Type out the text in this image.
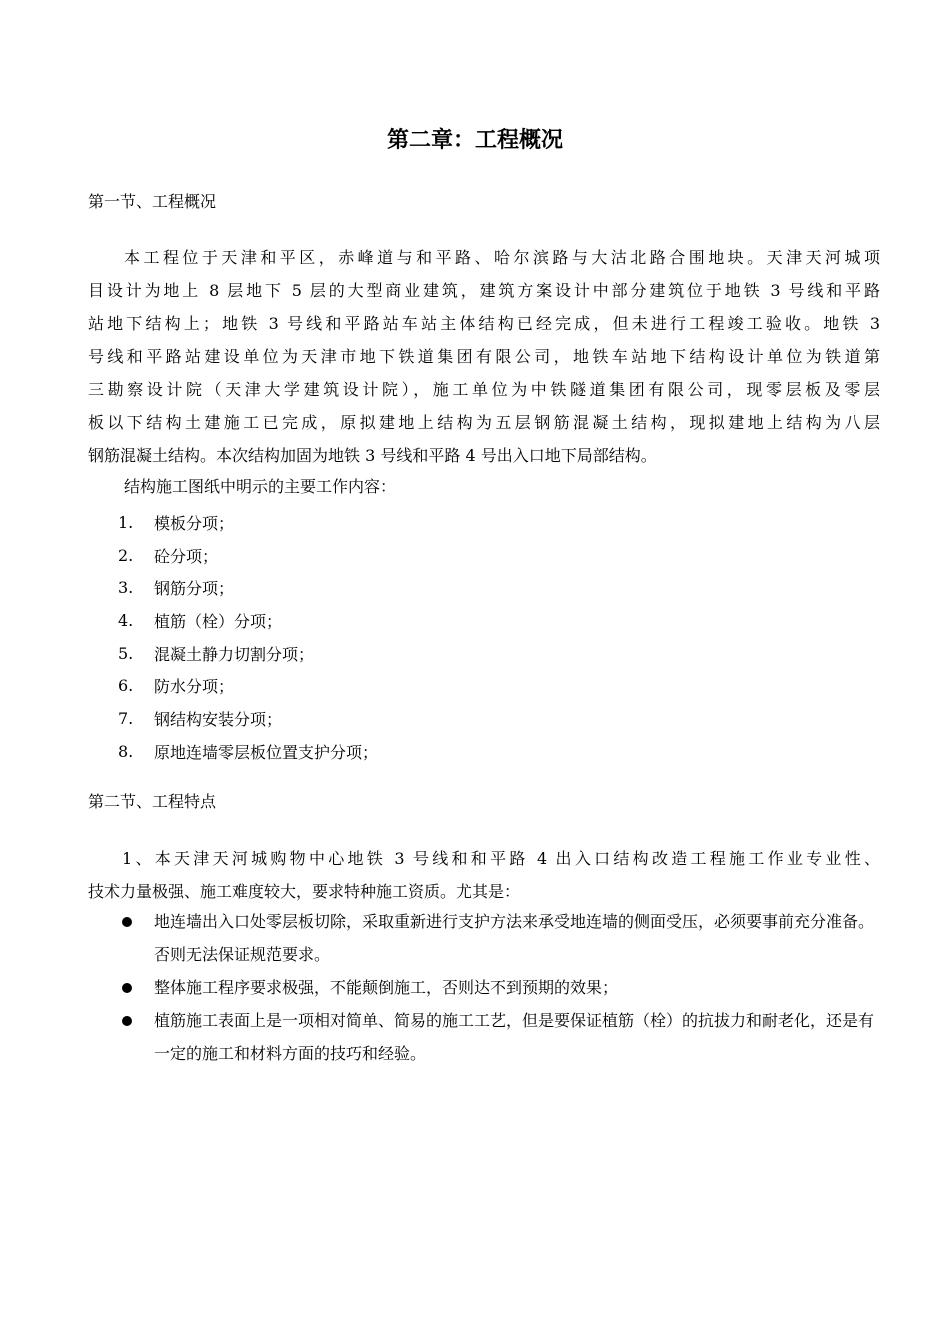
第二章：工程概况

第一节、工程概况

本工程位于天津和平区，赤峰道与和平路、哈尔滨路与大沽北路合围地块。天津天河城项
目设计为地上 8 层地下 5 层的大型商业建筑，建筑方案设计中部分建筑位于地铁 3 号线和平路
站地下结构上；地铁 3 号线和平路站车站主体结构已经完成，但未进行工程竣工验收。地铁 3
号线和平路站建设单位为天津市地下铁道集团有限公司，地铁车站地下结构设计单位为铁道第
三勘察设计院（天津大学建筑设计院），施工单位为中铁隧道集团有限公司，现零层板及零层
板以下结构土建施工已完成，原拟建地上结构为五层钢筋混凝土结构，现拟建地上结构为八层
钢筋混凝土结构。本次结构加固为地铁 3 号线和平路 4 号出入口地下局部结构。

结构施工图纸中明示的主要工作内容：

1.	模板分项；
2.	砼分项；
3.	钢筋分项；
4.	植筋（栓）分项；
5.	混凝土静力切割分项；
6.	防水分项；
7.	钢结构安装分项；
8.	原地连墙零层板位置支护分项；

第二节、工程特点

1、本天津天河城购物中心地铁 3 号线和和平路 4 出入口结构改造工程施工作业专业性、
技术力量极强、施工难度较大，要求特种施工资质。尤其是：
地连墙出入口处零层板切除，采取重新进行支护方法来承受地连墙的侧面受压，必须要事前充分准备。否则无法保证规范要求。
整体施工程序要求极强，不能颠倒施工，否则达不到预期的效果；
植筋施工表面上是一项相对简单、简易的施工工艺，但是要保证植筋（栓）的抗拔力和耐老化，还是有一定的施工和材料方面的技巧和经验。
